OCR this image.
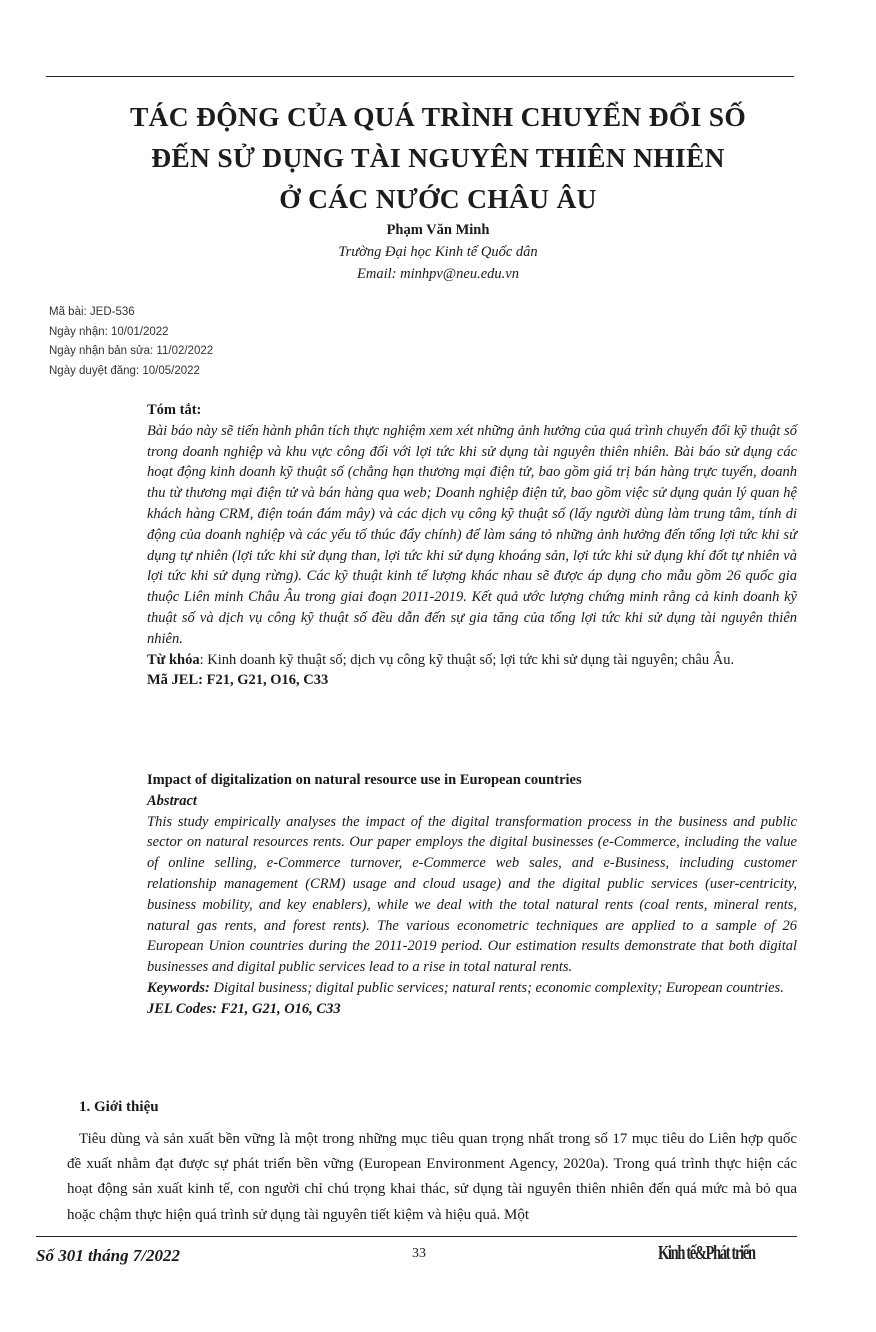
TÁC ĐỘNG CỦA QUÁ TRÌNH CHUYỂN ĐỔI SỐ
ĐẾN SỬ DỤNG TÀI NGUYÊN THIÊN NHIÊN
Ở CÁC NƯỚC CHÂU ÂU
Phạm Văn Minh
Trường Đại học Kinh tế Quốc dân
Email: minhpv@neu.edu.vn
Mã bài: JED-536
Ngày nhận: 10/01/2022
Ngày nhận bản sửa: 11/02/2022
Ngày duyệt đăng: 10/05/2022
Tóm tắt:
Bài báo này sẽ tiến hành phân tích thực nghiệm xem xét những ảnh hưởng của quá trình chuyển đổi kỹ thuật số trong doanh nghiệp và khu vực công đối với lợi tức khi sử dụng tài nguyên thiên nhiên. Bài báo sử dụng các hoạt động kinh doanh kỹ thuật số (chẳng hạn thương mại điện tử, bao gồm giá trị bán hàng trực tuyến, doanh thu từ thương mại điện tử và bán hàng qua web; Doanh nghiệp điện tử, bao gồm việc sử dụng quản lý quan hệ khách hàng CRM, điện toán đám mây) và các dịch vụ công kỹ thuật số (lấy người dùng làm trung tâm, tính di động của doanh nghiệp và các yếu tố thúc đẩy chính) để làm sáng tỏ những ảnh hưởng đến tổng lợi tức khi sử dụng tự nhiên (lợi tức khi sử dụng than, lợi tức khi sử dụng khoáng sản, lợi tức khi sử dụng khí đốt tự nhiên và lợi tức khi sử dụng rừng). Các kỹ thuật kinh tế lượng khác nhau sẽ được áp dụng cho mẫu gồm 26 quốc gia thuộc Liên minh Châu Âu trong giai đoạn 2011-2019. Kết quả ước lượng chứng minh rằng cả kinh doanh kỹ thuật số và dịch vụ công kỹ thuật số đều dẫn đến sự gia tăng của tổng lợi tức khi sử dụng tài nguyên thiên nhiên.
Từ khóa: Kinh doanh kỹ thuật số; dịch vụ công kỹ thuật số; lợi tức khi sử dụng tài nguyên; châu Âu.
Mã JEL: F21, G21, O16, C33
Impact of digitalization on natural resource use in European countries
Abstract
This study empirically analyses the impact of the digital transformation process in the business and public sector on natural resources rents. Our paper employs the digital businesses (e-Commerce, including the value of online selling, e-Commerce turnover, e-Commerce web sales, and e-Business, including customer relationship management (CRM) usage and cloud usage) and the digital public services (user-centricity, business mobility, and key enablers), while we deal with the total natural rents (coal rents, mineral rents, natural gas rents, and forest rents). The various econometric techniques are applied to a sample of 26 European Union countries during the 2011-2019 period. Our estimation results demonstrate that both digital businesses and digital public services lead to a rise in total natural rents.
Keywords: Digital business; digital public services; natural rents; economic complexity; European countries.
JEL Codes: F21, G21, O16, C33
1. Giới thiệu
Tiêu dùng và sản xuất bền vững là một trong những mục tiêu quan trọng nhất trong số 17 mục tiêu do Liên hợp quốc đề xuất nhằm đạt được sự phát triển bền vững (European Environment Agency, 2020a). Trong quá trình thực hiện các hoạt động sản xuất kinh tế, con người chỉ chú trọng khai thác, sử dụng tài nguyên thiên nhiên đến quá mức mà bỏ qua hoặc chậm thực hiện quá trình sử dụng tài nguyên tiết kiệm và hiệu quả. Một
Số 301 tháng 7/2022	33	Kinh tế&Phát triển
